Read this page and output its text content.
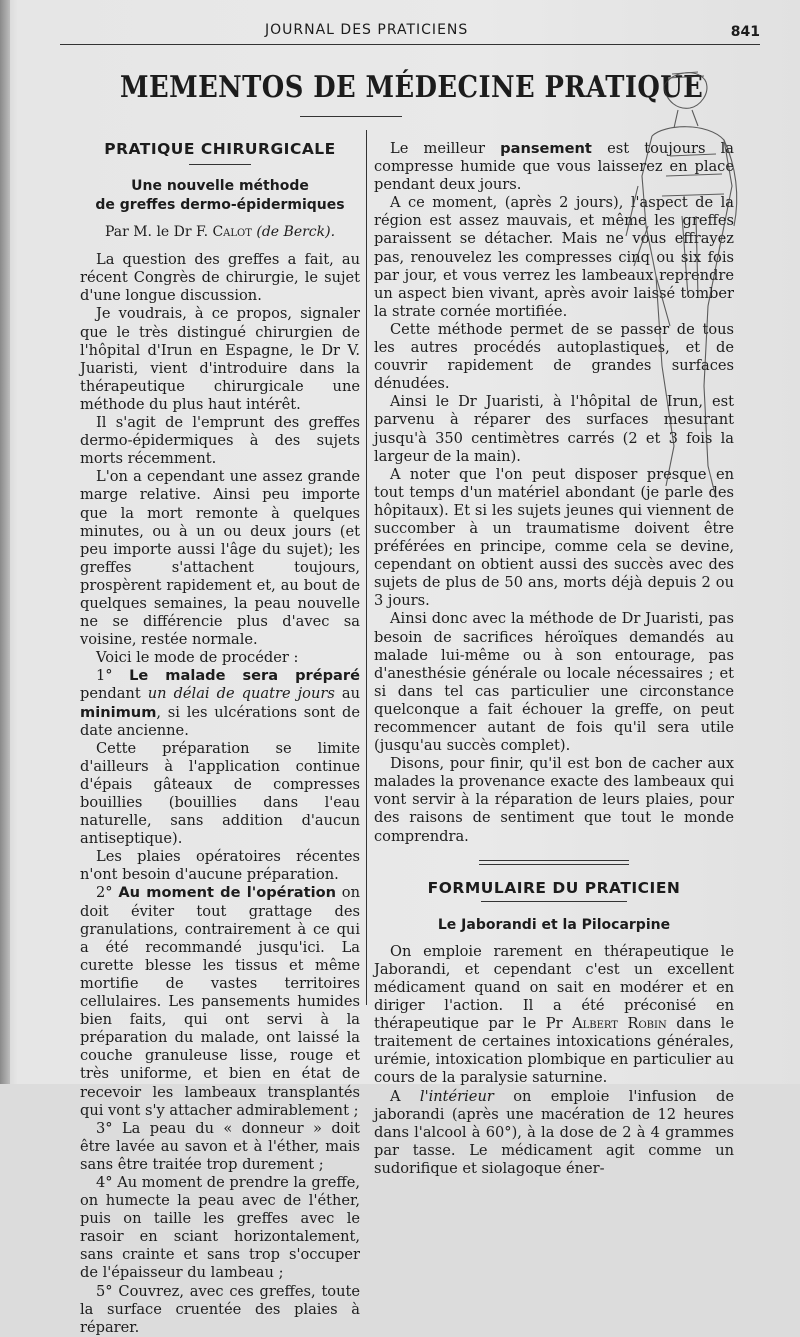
JOURNAL DES PRATICIENS	841
MEMENTOS DE MÉDECINE PRATIQUE
PRATIQUE CHIRURGICALE
Une nouvelle méthode
de greffes dermo-épidermiques
Par M. le Dr F. Calot (de Berck).

La question des greffes a fait, au récent Congrès de chirurgie, le sujet d'une longue discussion.

Je voudrais, à ce propos, signaler que le très distingué chirurgien de l'hôpital d'Irun en Espagne, le Dr V. Juaristi, vient d'introduire dans la thérapeutique chirurgicale une méthode du plus haut intérêt.

Il s'agit de l'emprunt des greffes dermo-épidermiques à des sujets morts récemment.

L'on a cependant une assez grande marge relative. Ainsi peu importe que la mort remonte à quelques minutes, ou à un ou deux jours (et peu importe aussi l'âge du sujet); les greffes s'attachent toujours, prospèrent rapidement et, au bout de quelques semaines, la peau nouvelle ne se différencie plus d'avec sa voisine, restée normale.

Voici le mode de procéder :

1° Le malade sera préparé pendant un délai de quatre jours au minimum, si les ulcérations sont de date ancienne.

Cette préparation se limite d'ailleurs à l'application continue d'épais gâteaux de compresses bouillies (bouillies dans l'eau naturelle, sans addition d'aucun antiseptique).

Les plaies opératoires récentes n'ont besoin d'aucune préparation.

2° Au moment de l'opération on doit éviter tout grattage des granulations, contrairement à ce qui a été recommandé jusqu'ici. La curette blesse les tissus et même mortifie de vastes territoires cellulaires. Les pansements humides bien faits, qui ont servi à la préparation du malade, ont laissé la couche granuleuse lisse, rouge et très uniforme, et bien en état de recevoir les lambeaux transplantés qui vont s'y attacher admirablement ;

3° La peau du « donneur » doit être lavée au savon et à l'éther, mais sans être traitée trop durement ;

4° Au moment de prendre la greffe, on humecte la peau avec de l'éther, puis on taille les greffes avec le rasoir en sciant horizontalement, sans crainte et sans trop s'occuper de l'épaisseur du lambeau ;

5° Couvrez, avec ces greffes, toute la surface cruentée des plaies à réparer.

Le meilleur pansement est toujours la compresse humide que vous laisserez en place pendant deux jours.

A ce moment, (après 2 jours), l'aspect de la région est assez mauvais, et même les greffes paraissent se détacher. Mais ne vous effrayez pas, renouvelez les compresses cinq ou six fois par jour, et vous verrez les lambeaux reprendre un aspect bien vivant, après avoir laissé tomber la strate cornée mortifiée.

Cette méthode permet de se passer de tous les autres procédés autoplastiques, et de couvrir rapidement de grandes surfaces dénudées.

Ainsi le Dr Juaristi, à l'hôpital de Irun, est parvenu à réparer des surfaces mesurant jusqu'à 350 centimètres carrés (2 et 3 fois la largeur de la main).

A noter que l'on peut disposer presque en tout temps d'un matériel abondant (je parle des hôpitaux). Et si les sujets jeunes qui viennent de succomber à un traumatisme doivent être préférées en principe, comme cela se devine, cependant on obtient aussi des succès avec des sujets de plus de 50 ans, morts déjà depuis 2 ou 3 jours.

Ainsi donc avec la méthode de Dr Juaristi, pas besoin de sacrifices héroïques demandés au malade lui-même ou à son entourage, pas d'anesthésie générale ou locale nécessaires ; et si dans tel cas particulier une circonstance quelconque a fait échouer la greffe, on peut recommencer autant de fois qu'il sera utile (jusqu'au succès complet).

Disons, pour finir, qu'il est bon de cacher aux malades la provenance exacte des lambeaux qui vont servir à la réparation de leurs plaies, pour des raisons de sentiment que tout le monde comprendra.

FORMULAIRE DU PRATICIEN
Le Jaborandi et la Pilocarpine

On emploie rarement en thérapeutique le Jaborandi, et cependant c'est un excellent médicament quand on sait en modérer et en diriger l'action. Il a été préconisé en thérapeutique par le Pr Albert Robin dans le traitement de certaines intoxications générales, urémie, intoxication plombique en particulier au cours de la paralysie saturnine.

A l'intérieur on emploie l'infusion de jaborandi (après une macération de 12 heures dans l'alcool à 60°), à la dose de 2 à 4 grammes par tasse. Le médicament agit comme un sudorifique et siolagoque éner-
